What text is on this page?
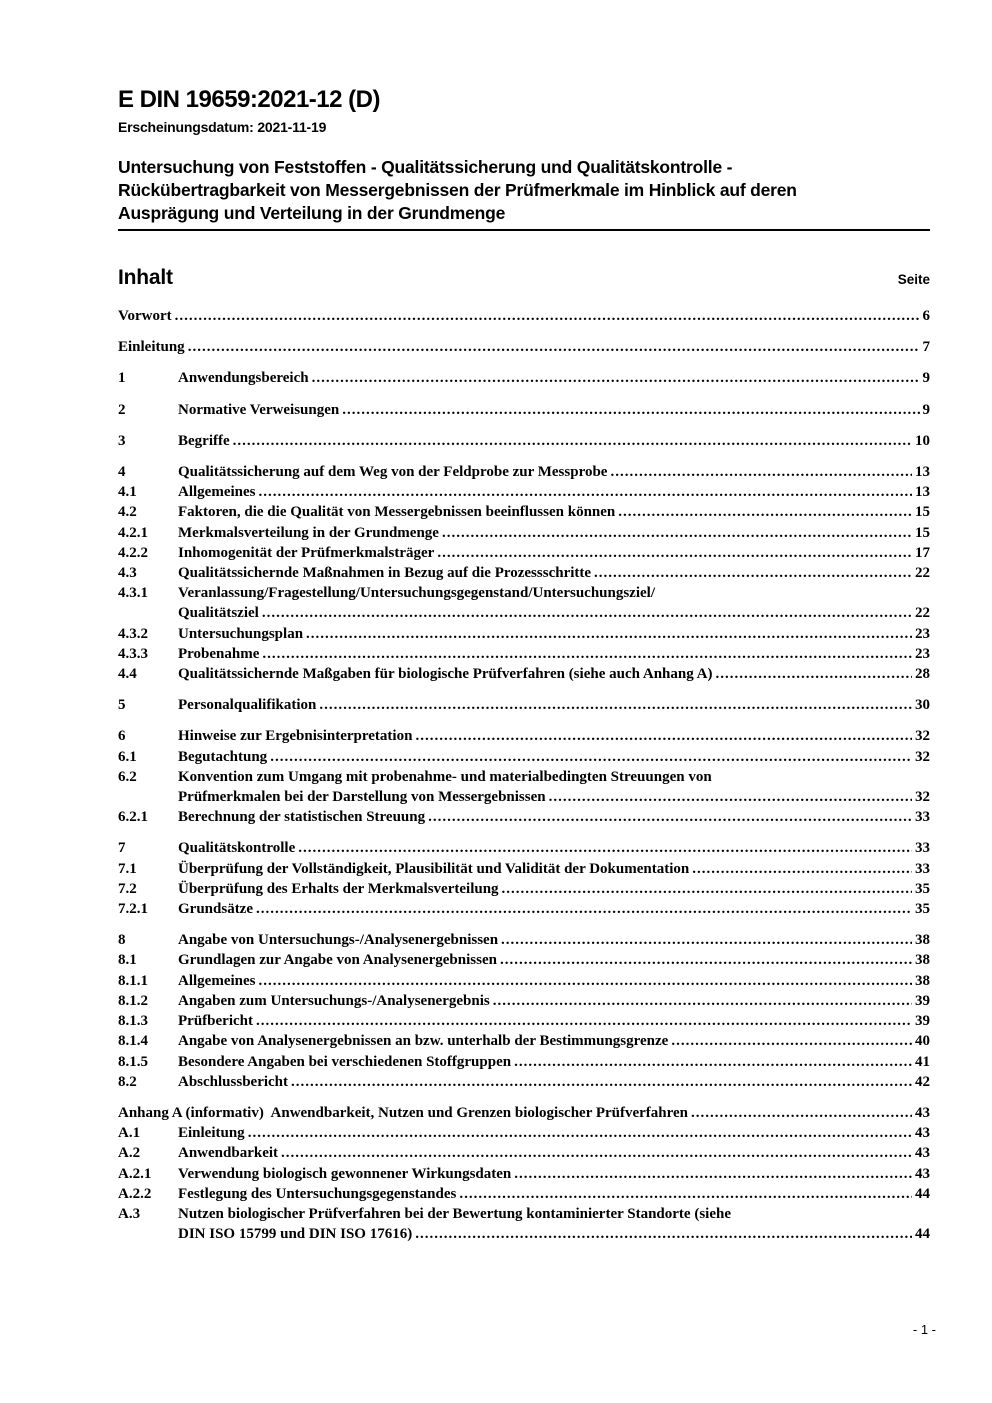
E DIN 19659:2021-12 (D)
Erscheinungsdatum: 2021-11-19
Untersuchung von Feststoffen - Qualitätssicherung und Qualitätskontrolle -
Rückübertragbarkeit von Messergebnissen der Prüfmerkmale im Hinblick auf deren
Ausprägung und Verteilung in der Grundmenge
Inhalt	Seite
Vorwort .....	6
Einleitung .....	7
1	Anwendungsbereich .....	9
2	Normative Verweisungen .....	9
3	Begriffe .....	10
4	Qualitätssicherung auf dem Weg von der Feldprobe zur Messprobe .....	13
4.1	Allgemeines .....	13
4.2	Faktoren, die die Qualität von Messergebnissen beeinflussen können .....	15
4.2.1	Merkmalsverteilung in der Grundmenge .....	15
4.2.2	Inhomogenität der Prüfmerkmalsträger .....	17
4.3	Qualitätssichernde Maßnahmen in Bezug auf die Prozessschritte .....	22
4.3.1	Veranlassung/Fragestellung/Untersuchungsgegenstand/Untersuchungsziel/
Qualitätsziel .....	22
4.3.2	Untersuchungsplan .....	23
4.3.3	Probenahme .....	23
4.4	Qualitätssichernde Maßgaben für biologische Prüfverfahren (siehe auch Anhang A) .....	28
5	Personalqualifikation .....	30
6	Hinweise zur Ergebnisinterpretation .....	32
6.1	Begutachtung .....	32
6.2	Konvention zum Umgang mit probenahme- und materialbedingten Streuungen von
Prüfmerkmalen bei der Darstellung von Messergebnissen .....	32
6.2.1	Berechnung der statistischen Streuung .....	33
7	Qualitätskontrolle .....	33
7.1	Überprüfung der Vollständigkeit, Plausibilität und Validität der Dokumentation .....	33
7.2	Überprüfung des Erhalts der Merkmalsverteilung .....	35
7.2.1	Grundsätze .....	35
8	Angabe von Untersuchungs-/Analysenergebnissen .....	38
8.1	Grundlagen zur Angabe von Analysenergebnissen .....	38
8.1.1	Allgemeines .....	38
8.1.2	Angaben zum Untersuchungs-/Analysenergebnis .....	39
8.1.3	Prüfbericht .....	39
8.1.4	Angabe von Analysenergebnissen an bzw. unterhalb der Bestimmungsgrenze .....	40
8.1.5	Besondere Angaben bei verschiedenen Stoffgruppen .....	41
8.2	Abschlussbericht .....	42
Anhang A (informativ)  Anwendbarkeit, Nutzen und Grenzen biologischer Prüfverfahren .....	43
A.1	Einleitung .....	43
A.2	Anwendbarkeit .....	43
A.2.1	Verwendung biologisch gewonnener Wirkungsdaten .....	43
A.2.2	Festlegung des Untersuchungsgegenstandes .....	44
A.3	Nutzen biologischer Prüfverfahren bei der Bewertung kontaminierter Standorte (siehe
DIN ISO 15799 und DIN ISO 17616) .....	44
- 1 -
